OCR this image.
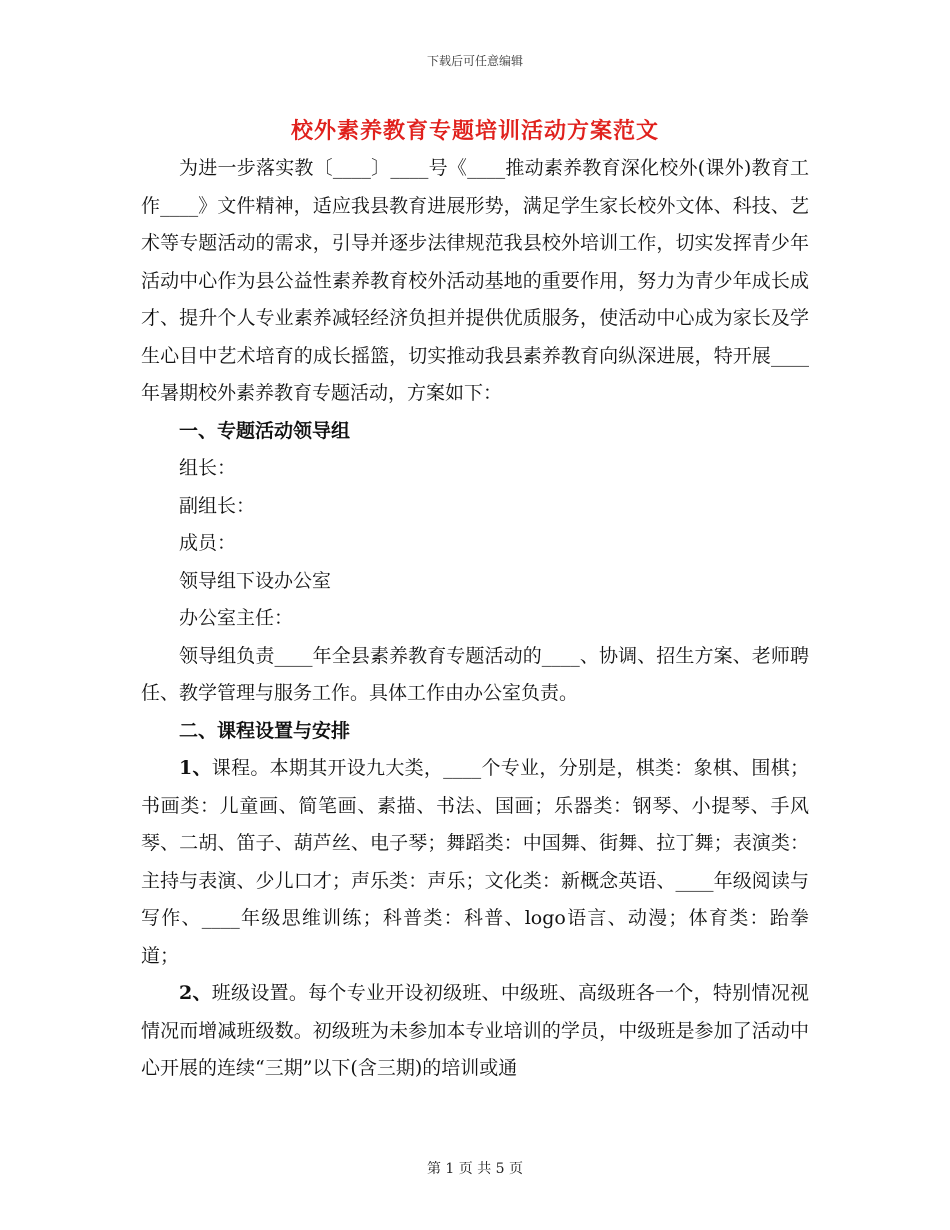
下载后可任意编辑
校外素养教育专题培训活动方案范文

为进一步落实教〔____〕____号《____推动素养教育深化校外(课外)教育工作____》文件精神，适应我县教育进展形势，满足学生家长校外文体、科技、艺术等专题活动的需求，引导并逐步法律规范我县校外培训工作，切实发挥青少年活动中心作为县公益性素养教育校外活动基地的重要作用，努力为青少年成长成才、提升个人专业素养减轻经济负担并提供优质服务，使活动中心成为家长及学生心目中艺术培育的成长摇篮，切实推动我县素养教育向纵深进展，特开展____年暑期校外素养教育专题活动，方案如下：

一、专题活动领导组

组长：

副组长：

成员：

领导组下设办公室

办公室主任：

领导组负责____年全县素养教育专题活动的____、协调、招生方案、老师聘任、教学管理与服务工作。具体工作由办公室负责。

二、课程设置与安排

1、课程。本期其开设九大类，____个专业，分别是，棋类：象棋、围棋；书画类：儿童画、简笔画、素描、书法、国画；乐器类：钢琴、小提琴、手风琴、二胡、笛子、葫芦丝、电子琴；舞蹈类：中国舞、街舞、拉丁舞；表演类：主持与表演、少儿口才；声乐类：声乐；文化类：新概念英语、____年级阅读与写作、____年级思维训练；科普类：科普、logo语言、动漫；体育类：跆拳道；

2、班级设置。每个专业开设初级班、中级班、高级班各一个，特别情况视情况而增减班级数。初级班为未参加本专业培训的学员，中级班是参加了活动中心开展的连续“三期”以下(含三期)的培训或通

第 1 页 共 5 页
